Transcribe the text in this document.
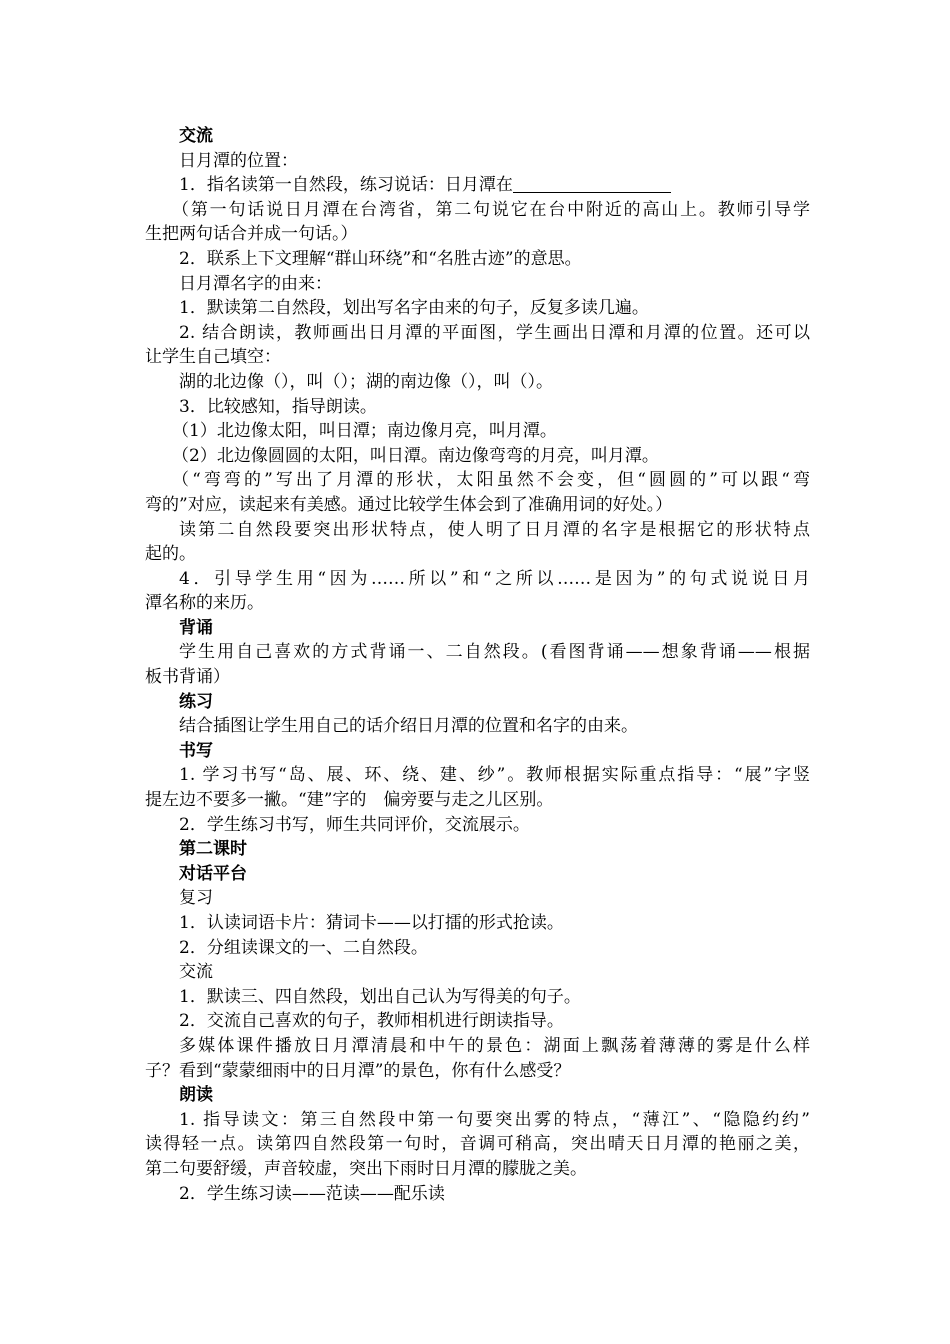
交流
日月潭的位置：
1．指名读第一自然段，练习说话：日月潭在
（第一句话说日月潭在台湾省，第二句说它在台中附近的高山上。教师引导学
生把两句话合并成一句话。）
2．联系上下文理解“群山环绕”和“名胜古迹”的意思。
日月潭名字的由来：
1．默读第二自然段，划出写名字由来的句子，反复多读几遍。
2. 结合朗读，教师画出日月潭的平面图，学生画出日潭和月潭的位置。还可以
让学生自己填空：
湖的北边像（），叫（）；湖的南边像（），叫（）。
3．比较感知，指导朗读。
（1）北边像太阳，叫日潭；南边像月亮，叫月潭。
（2）北边像圆圆的太阳，叫日潭。南边像弯弯的月亮，叫月潭。
（“弯弯的”写出了月潭的形状，太阳虽然不会变，但“圆圆的”可以跟“弯
弯的”对应，读起来有美感。通过比较学生体会到了准确用词的好处。）
读第二自然段要突出形状特点，使人明了日月潭的名字是根据它的形状特点
起的。
4．引导学生用“因为……所以”和“之所以……是因为”的句式说说日月
潭名称的来历。
背诵
学生用自己喜欢的方式背诵一、二自然段。(看图背诵——想象背诵——根据
板书背诵）
练习
结合插图让学生用自己的话介绍日月潭的位置和名字的由来。
书写
1. 学习书写“岛、展、环、绕、建、纱”。教师根据实际重点指导：“展”字竖
提左边不要多一撇。“建”字的　偏旁要与走之儿区别。
2．学生练习书写，师生共同评价，交流展示。
第二课时
对话平台
复习
1．认读词语卡片：猜词卡——以打擂的形式抢读。
2．分组读课文的一、二自然段。
交流
1．默读三、四自然段，划出自己认为写得美的句子。
2．交流自己喜欢的句子，教师相机进行朗读指导。
多媒体课件播放日月潭清晨和中午的景色：湖面上飘荡着薄薄的雾是什么样
子？看到“蒙蒙细雨中的日月潭”的景色，你有什么感受？
朗读
1. 指导读文：第三自然段中第一句要突出雾的特点，“薄江”、“隐隐约约”
读得轻一点。读第四自然段第一句时，音调可稍高，突出晴天日月潭的艳丽之美，
第二句要舒缓，声音较虚，突出下雨时日月潭的朦胧之美。
2．学生练习读——范读——配乐读
